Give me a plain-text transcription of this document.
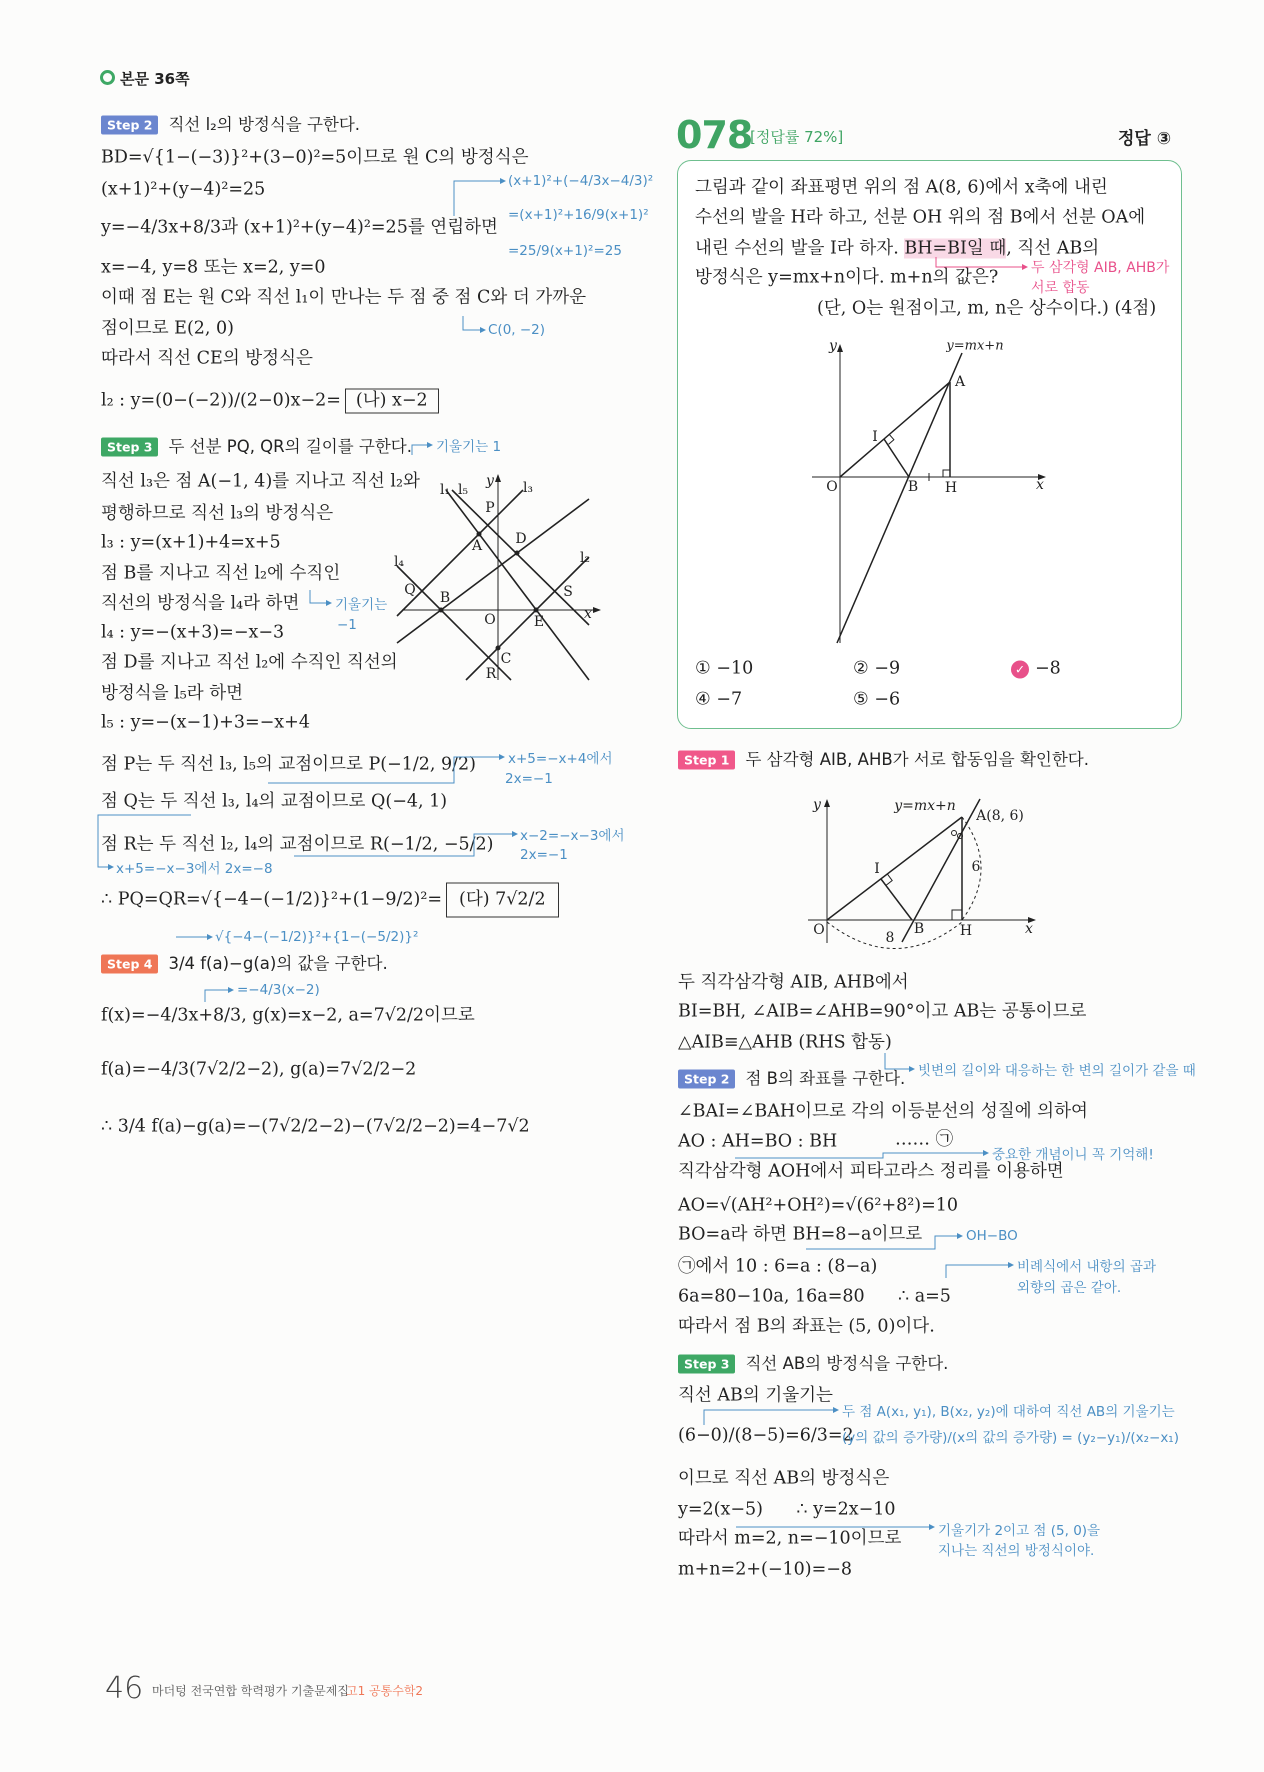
본문 36쪽
Step 2 직선 l₂의 방정식을 구한다.
BD=√{1−(−3)}²+(3−0)²=5이므로 원 C의 방정식은
(x+1)²+(y−4)²=25
y=−4/3x+8/3과 (x+1)²+(y−4)²=25를 연립하면
x=−4, y=8 또는 x=2, y=0
이때 점 E는 원 C와 직선 l₁이 만나는 두 점 중 점 C와 더 가까운
점이므로 E(2, 0)
따라서 직선 CE의 방정식은
l₂ : y=(0−(−2))/(2−0)x−2= (나) x−2
(x+1)²+(−4/3x−4/3)²
=(x+1)²+16/9(x+1)²
=25/9(x+1)²=25
C(0, −2)
Step 3 두 선분 PQ, QR의 길이를 구한다. 기울기는 1
직선 l₃은 점 A(−1, 4)를 지나고 직선 l₂와
평행하므로 직선 l₃의 방정식은
l₃ : y=(x+1)+4=x+5
점 B를 지나고 직선 l₂에 수직인
직선의 방정식을 l₄라 하면
l₄ : y=−(x+3)=−x−3
점 D를 지나고 직선 l₂에 수직인 직선의
방정식을 l₅라 하면
l₅ : y=−(x−1)+3=−x+4
기울기는
−1
점 P는 두 직선 l₃, l₅의 교점이므로 P(−1/2, 9/2)
점 Q는 두 직선 l₃, l₄의 교점이므로 Q(−4, 1)
점 R는 두 직선 l₂, l₄의 교점이므로 R(−1/2, −5/2)
x+5=−x+4에서
2x=−1
x−2=−x−3에서
2x=−1
x+5=−x−3에서 2x=−8
∴ PQ=QR=√{−4−(−1/2)}²+(1−9/2)²= (다) 7√2/2
√{−4−(−1/2)}²+{1−(−5/2)}²
l₁ l₅
y l₃
l₄	l₂
x
O
P
A D
Q B	S
E
C
R
Step 4 3/4 f(a)−g(a)의 값을 구한다.
=−4/3(x−2)
f(x)=−4/3x+8/3, g(x)=x−2, a=7√2/2이므로
f(a)=−4/3(7√2/2−2), g(a)=7√2/2−2
∴ 3/4 f(a)−g(a)=−(7√2/2−2)−(7√2/2−2)=4−7√2
078
[정답률 72%]	정답 ③
그림과 같이 좌표평면 위의 점 A(8, 6)에서 x축에 내린
수선의 발을 H라 하고, 선분 OH 위의 점 B에서 선분 OA에
내린 수선의 발을 I라 하자. BH=BI일 때, 직선 AB의
방정식은 y=mx+n이다. m+n의 값은?
(단, O는 원점이고, m, n은 상수이다.) (4점)
두 삼각형 AIB, AHB가
서로 합동
y	y=mx+n
A
I
O	B H	x
① −10	② −9	✓ −8
④ −7	⑤ −6
Step 1 두 삼각형 AIB, AHB가 서로 합동임을 확인한다.
y	y=mx+n
A(8, 6)
I
O	B	H	x
6
8
두 직각삼각형 AIB, AHB에서
BI=BH, ∠AIB=∠AHB=90°이고 AB는 공통이므로
△AIB≡△AHB (RHS 합동)
빗변의 길이와 대응하는 한 변의 길이가 같을 때
Step 2 점 B의 좌표를 구한다.
∠BAI=∠BAH이므로 각의 이등분선의 성질에 의하여
AO : AH=BO : BH	…… ㉠
중요한 개념이니 꼭 기억해!
직각삼각형 AOH에서 피타고라스 정리를 이용하면
AO=√(AH²+OH²)=√(6²+8²)=10
BO=a라 하면 BH=8−a이므로	OH−BO
㉠에서 10 : 6=a : (8−a)	비례식에서 내항의 곱과
외향의 곱은 같아.
6a=80−10a, 16a=80      ∴ a=5
따라서 점 B의 좌표는 (5, 0)이다.
Step 3 직선 AB의 방정식을 구한다.
직선 AB의 기울기는
두 점 A(x₁, y₁), B(x₂, y₂)에 대하여 직선 AB의 기울기는
(6−0)/(8−5)=6/3=2
(y의 값의 증가량)/(x의 값의 증가량) = (y₂−y₁)/(x₂−x₁)
이므로 직선 AB의 방정식은
y=2(x−5)      ∴ y=2x−10
따라서 m=2, n=−10이므로	기울기가 2이고 점 (5, 0)을
지나는 직선의 방정식이야.
m+n=2+(−10)=−8
46 마더텅 전국연합 학력평가 기출문제집
고1 공통수학2
